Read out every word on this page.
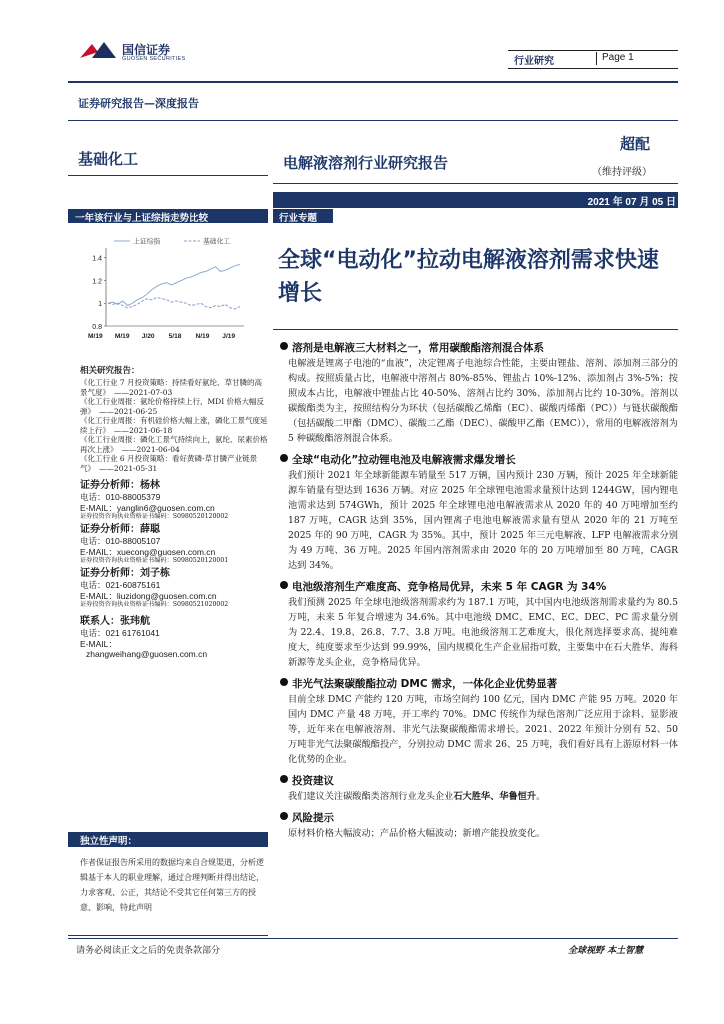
国信证券
GUOSEN SECURITIES	行业研究	Page 1
证券研究报告—深度报告
基础化工	电解液溶剂行业研究报告
超配
（维持评级）
2021 年 07 月 05 日
一年该行业与上证综指走势比较	行业专题
全球“电动化”拉动电解液溶剂需求快速增长
1.4
1.2
1
0.8
M/19 M/19 J/20 5/18 N/19 J/19
上证综指	基础化工
相关研究报告：
《化工行业 7 月投资策略：持续看好氨纶、草甘膦的高景气度》 ——2021-07-03
《化工行业周报：氨纶价格持续上行，MDI 价格大幅反弹》 ——2021-06-25
《化工行业周报：有机硅价格大幅上涨，磷化工景气度延续上行》 ——2021-06-18
《化工行业周报：磷化工景气持续向上，氨纶、尿素价格再次上涨》 ——2021-06-04
《化工行业 6 月投资策略：看好黄磷-草甘膦产业链景气》 ——2021-05-31
证券分析师：杨林
电话：010-88005379
E-MAIL：yanglin6@guosen.com.cn
证券投资咨询执业资格证书编码：S0980520120002
证券分析师：薛聪
电话：010-88005107
E-MAIL：xuecong@guosen.com.cn
证券投资咨询执业资格证书编码：S0980520120001
证券分析师：刘子栋
电话：021-60875161
E-MAIL：liuzidong@guosen.com.cn
证券投资咨询执业资格证书编码：S0980521020002
联系人：张玮航
电话：021 61761041
E-MAIL：
zhangweihang@guosen.com.cn
独立性声明：
作者保证报告所采用的数据均来自合规渠道，分析逻辑基于本人的职业理解，通过合理判断并得出结论，力求客观、公正，其结论不受其它任何第三方的授意、影响，特此声明
溶剂是电解液三大材料之一，常用碳酸酯溶剂混合体系
电解液是锂离子电池的“血液”，决定锂离子电池综合性能，主要由锂盐、溶剂、添加剂三部分的构成。按照质量占比，电解液中溶剂占 80%-85%、锂盐占 10%-12%、添加剂占 3%-5%；按照成本占比，电解液中锂盐占比 40-50%、溶剂占比约 30%、添加剂占比约 10-30%。溶剂以碳酸酯类为主，按照结构分为环状（包括碳酸乙烯酯（EC）、碳酸丙烯酯（PC））与链状碳酸酯（包括碳酸二甲酯（DMC）、碳酸二乙酯（DEC）、碳酸甲乙酯（EMC）），常用的电解液溶剂为 5 种碳酸酯溶剂混合体系。
全球“电动化”拉动锂电池及电解液需求爆发增长
我们预计 2021 年全球新能源车销量至 517 万辆，国内预计 230 万辆，预计 2025 年全球新能源车销量有望达到 1636 万辆。对应 2025 年全球锂电池需求量预计达到 1244GW，国内锂电池需求达到 574GWh，预计 2025 年全球锂电池电解液需求从 2020 年的 40 万吨增加至约 187 万吨，CAGR 达到 35%，国内锂离子电池电解液需求量有望从 2020 年的 21 万吨至 2025 年的 90 万吨，CAGR 为 35%。其中，预计 2025 年三元电解液、LFP 电解液需求分别为 49 万吨、36 万吨。2025 年国内溶剂需求由 2020 年的 20 万吨增加至 80 万吨，CAGR 达到 34%。
电池级溶剂生产难度高、竞争格局优异，未来 5 年 CAGR 为 34%
我们预测 2025 年全球电池级溶剂需求约为 187.1 万吨，其中国内电池级溶剂需求量约为 80.5 万吨，未来 5 年复合增速为 34.6%。其中电池级 DMC、EMC、EC、DEC、PC 需求量分别为 22.4、19.8、26.8、7.7、3.8 万吨。电池级溶剂工艺难度大，很化剂选择要求高、提纯难度大，纯度要求至少达到 99.99%，国内规模化生产企业屈指可数，主要集中在石大胜华、海科新源等龙头企业，竞争格局优异。
非光气法聚碳酸酯拉动 DMC 需求，一体化企业优势显著
目前全球 DMC 产能约 120 万吨，市场空间约 100 亿元，国内 DMC 产能 95 万吨。2020 年国内 DMC 产量 48 万吨，开工率约 70%。DMC 传统作为绿色溶剂广泛应用于涂料、显影液等，近年来在电解液溶剂、非光气法聚碳酸酯需求增长。2021、2022 年预计分别有 52、50 万吨非光气法聚碳酸酯投产，分别拉动 DMC 需求 26、25 万吨，我们看好具有上游原材料一体化优势的企业。
投资建议
我们建议关注碳酸酯类溶剂行业龙头企业石大胜华、华鲁恒升。
风险提示
原材料价格大幅波动；产品价格大幅波动；新增产能投放变化。
请务必阅读正文之后的免责条款部分	全球视野 本土智慧
